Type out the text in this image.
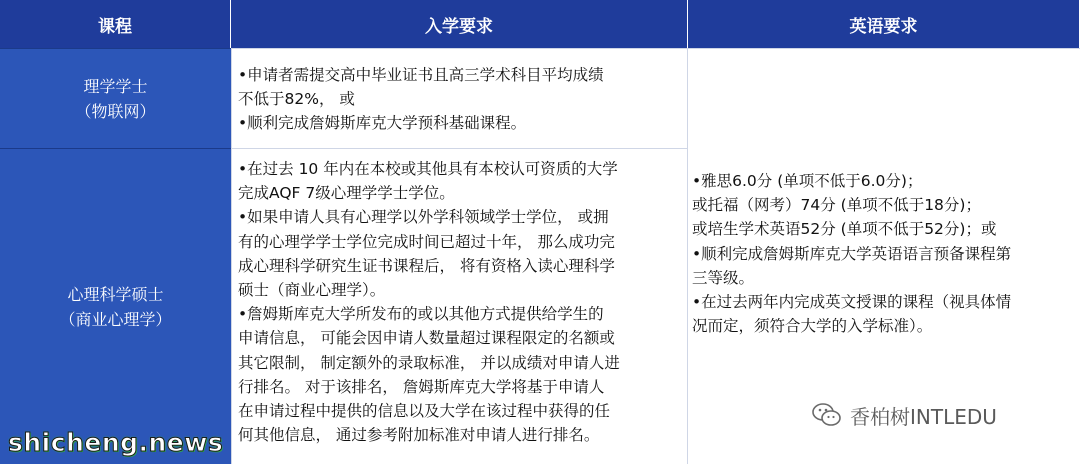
课程	入学要求	英语要求
理学学士
（物联网）

•申请者需提交高中毕业证书且高三学术科目平均成绩

不低于82%， 或

•顺利完成詹姆斯库克大学预科基础课程。

•雅思6.0分 (单项不低于6.0分)；

或托福（网考）74分 (单项不低于18分)；

或培生学术英语52分 (单项不低于52分)；或

•顺利完成詹姆斯库克大学英语语言预备课程第

三等级。

•在过去两年内完成英文授课的课程（视具体情

况而定，须符合大学的入学标准）。

心理科学硕士
（商业心理学）

•在过去 10 年内在本校或其他具有本校认可资质的大学

完成AQF 7级心理学学士学位。

•如果申请人具有心理学以外学科领域学士学位， 或拥

有的心理学学士学位完成时间已超过十年， 那么成功完

成心理科学研究生证书课程后， 将有资格入读心理科学

硕士（商业心理学）。

•詹姆斯库克大学所发布的或以其他方式提供给学生的

申请信息， 可能会因申请人数量超过课程限定的名额或

其它限制， 制定额外的录取标准， 并以成绩对申请人进

行排名。 对于该排名， 詹姆斯库克大学将基于申请人

在申请过程中提供的信息以及大学在该过程中获得的任

何其他信息， 通过参考附加标准对申请人进行排名。

shicheng.news
香柏树INTLEDU
